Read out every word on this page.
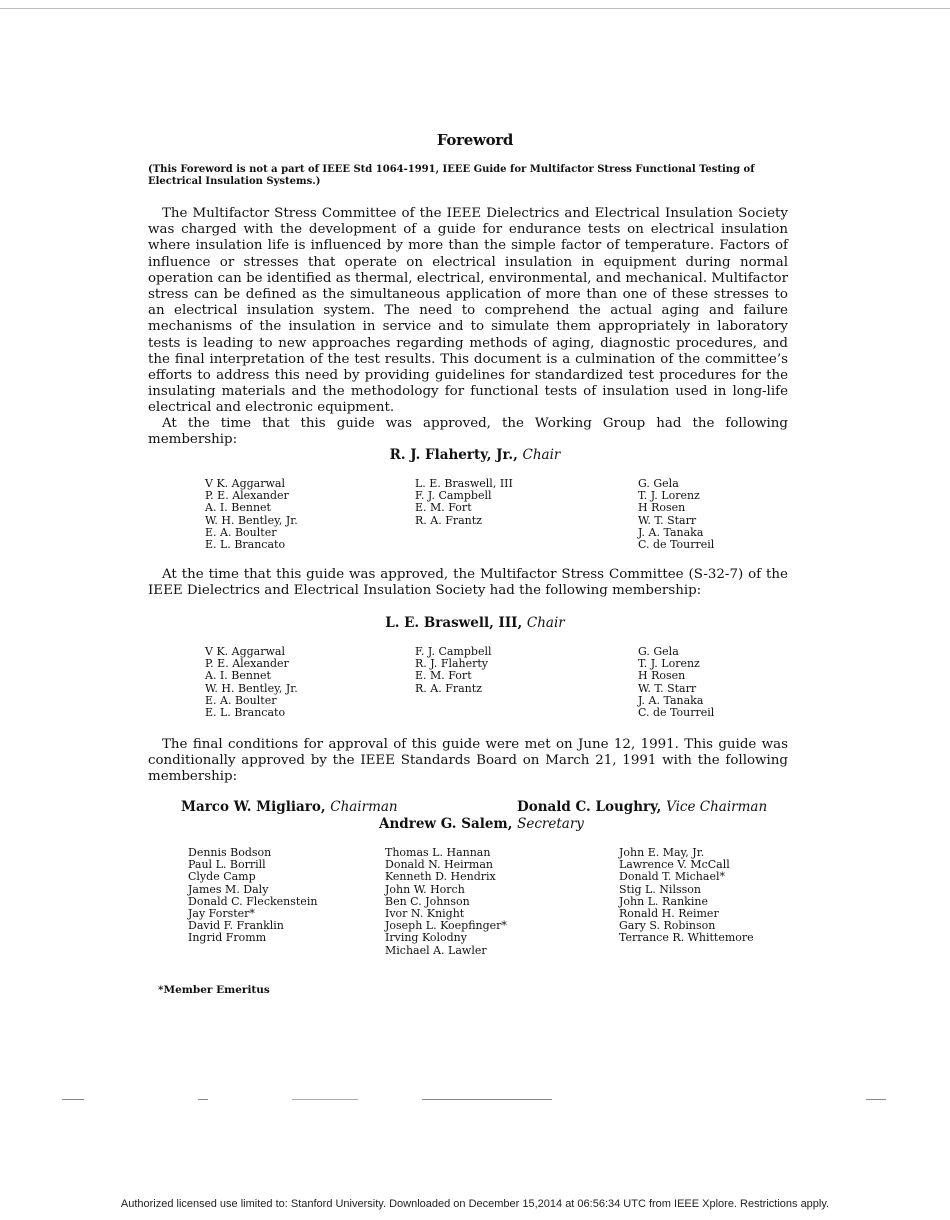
Foreword
(This Foreword is not a part of IEEE Std 1064-1991, IEEE Guide for Multifactor Stress Functional Testing of Electrical Insulation Systems.)
The Multifactor Stress Committee of the IEEE Dielectrics and Electrical Insulation Society was charged with the development of a guide for endurance tests on electrical insulation where insulation life is influenced by more than the simple factor of temperature. Factors of influence or stresses that operate on electrical insulation in equipment during normal operation can be identified as thermal, electrical, environmental, and mechanical. Multifactor stress can be defined as the simultaneous application of more than one of these stresses to an electrical insulation system. The need to comprehend the actual aging and failure mechanisms of the insulation in service and to simulate them appropriately in laboratory tests is leading to new approaches regarding methods of aging, diagnostic procedures, and the final interpretation of the test results. This document is a culmination of the committee’s efforts to address this need by providing guidelines for standardized test procedures for the insulating materials and the methodology for functional tests of insulation used in long-life electrical and electronic equipment.
At the time that this guide was approved, the Working Group had the following membership:
R. J. Flaherty, Jr., Chair
V K. Aggarwal
P. E. Alexander
A. I. Bennet
W. H. Bentley, Jr.
E. A. Boulter
E. L. Brancato
L. E. Braswell, III
F. J. Campbell
E. M. Fort
R. A. Frantz
G. Gela
T. J. Lorenz
H Rosen
W. T. Starr
J. A. Tanaka
C. de Tourreil
At the time that this guide was approved, the Multifactor Stress Committee (S-32-7) of the IEEE Dielectrics and Electrical Insulation Society had the following membership:
L. E. Braswell, III, Chair
V K. Aggarwal
P. E. Alexander
A. I. Bennet
W. H. Bentley, Jr.
E. A. Boulter
E. L. Brancato
F. J. Campbell
R. J. Flaherty
E. M. Fort
R. A. Frantz
G. Gela
T. J. Lorenz
H Rosen
W. T. Starr
J. A. Tanaka
C. de Tourreil
The final conditions for approval of this guide were met on June 12, 1991. This guide was conditionally approved by the IEEE Standards Board on March 21, 1991 with the following membership:
Marco W. Migliaro, Chairman	Donald C. Loughry, Vice Chairman
Andrew G. Salem, Secretary
Dennis Bodson
Paul L. Borrill
Clyde Camp
James M. Daly
Donald C. Fleckenstein
Jay Forster*
David F. Franklin
Ingrid Fromm
Thomas L. Hannan
Donald N. Heirman
Kenneth D. Hendrix
John W. Horch
Ben C. Johnson
Ivor N. Knight
Joseph L. Koepfinger*
Irving Kolodny
Michael A. Lawler
John E. May, Jr.
Lawrence V. McCall
Donald T. Michael*
Stig L. Nilsson
John L. Rankine
Ronald H. Reimer
Gary S. Robinson
Terrance R. Whittemore
*Member Emeritus
Authorized licensed use limited to: Stanford University. Downloaded on December 15,2014 at 06:56:34 UTC from IEEE Xplore. Restrictions apply.
